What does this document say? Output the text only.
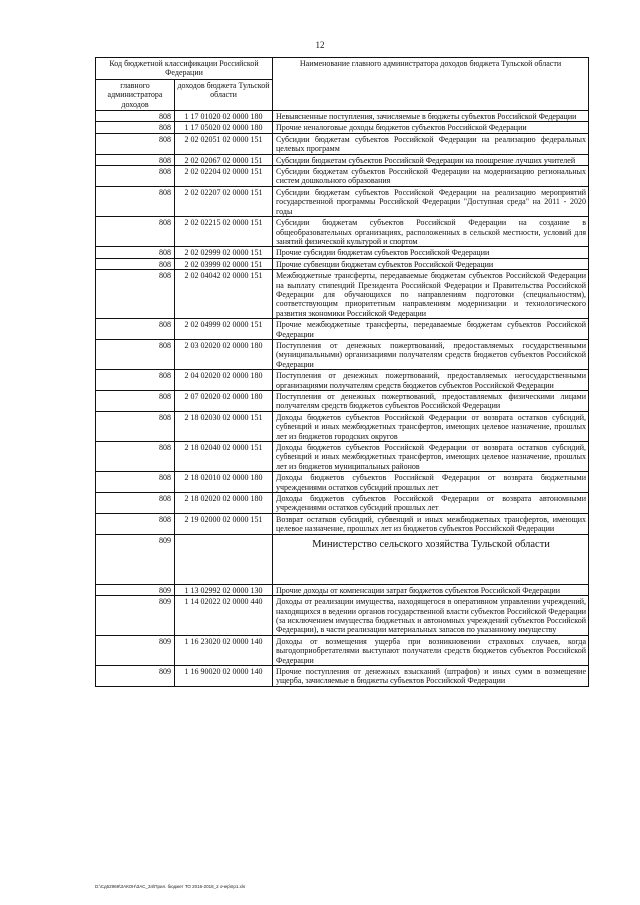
12
Код бюджетной классификации Российской Федерации		Наименование главного администратора доходов бюджета Тульской области
главного администратора доходов	доходов бюджета Тульской области	
808	1 17 01020 02 0000 180	Невыясненные поступления, зачисляемые в бюджеты субъектов Российской Федерации
808	1 17 05020 02 0000 180	Прочие неналоговые доходы бюджетов субъектов Российской Федерации
808	2 02 02051 02 0000 151	Субсидии бюджетам субъектов Российской Федерации на реализацию федеральных целевых программ
808	2 02 02067 02 0000 151	Субсидии бюджетам субъектов Российской Федерации на поощрение лучших учителей
808	2 02 02204 02 0000 151	Субсидии бюджетам субъектов Российской Федерации на модернизацию региональных систем дошкольного образования
808	2 02 02207 02 0000 151	Субсидии бюджетам субъектов Российской Федерации на реализацию мероприятий государственной программы Российской Федерации "Доступная среда" на 2011 - 2020 годы
808	2 02 02215 02 0000 151	Субсидии бюджетам субъектов Российской Федерации на создание в общеобразовательных организациях, расположенных в сельской местности, условий для занятий физической культурой и спортом
808	2 02 02999 02 0000 151	Прочие субсидии бюджетам субъектов Российской Федерации
808	2 02 03999 02 0000 151	Прочие субвенции бюджетам субъектов Российской Федерации
808	2 02 04042 02 0000 151	Межбюджетные трансферты, передаваемые бюджетам субъектов Российской Федерации на выплату стипендий Президента Российской Федерации и Правительства Российской Федерации для обучающихся по направлениям подготовки (специальностям), соответствующим приоритетным направлениям модернизации и технологического развития экономики Российской Федерации
808	2 02 04999 02 0000 151	Прочие межбюджетные трансферты, передаваемые бюджетам субъектов Российской Федерации
808	2 03 02020 02 0000 180	Поступления от денежных пожертвований, предоставляемых государственными (муниципальными) организациями получателям средств бюджетов субъектов Российской Федерации
808	2 04 02020 02 0000 180	Поступления от денежных пожертвований, предоставляемых негосударственными организациями получателям средств бюджетов субъектов Российской Федерации
808	2 07 02020 02 0000 180	Поступления от денежных пожертвований, предоставляемых физическими лицами получателям средств бюджетов субъектов Российской Федерации
808	2 18 02030 02 0000 151	Доходы бюджетов субъектов Российской Федерации от возврата остатков субсидий, субвенций и иных межбюджетных трансфертов, имеющих целевое назначение, прошлых лет из бюджетов городских округов
808	2 18 02040 02 0000 151	Доходы бюджетов субъектов Российской Федерации от возврата остатков субсидий, субвенций и иных межбюджетных трансфертов, имеющих целевое назначение, прошлых лет из бюджетов муниципальных районов
808	2 18 02010 02 0000 180	Доходы бюджетов субъектов Российской Федерации от возврата бюджетными учреждениями остатков субсидий прошлых лет
808	2 18 02020 02 0000 180	Доходы бюджетов субъектов Российской Федерации от возврата автономными учреждениями остатков субсидий прошлых лет
808	2 19 02000 02 0000 151	Возврат остатков субсидий, субвенций и иных межбюджетных трансфертов, имеющих целевое назначение, прошлых лет из бюджетов субъектов Российской Федерации
809		Министерство сельского хозяйства Тульской области
809	1 13 02992 02 0000 130	Прочие доходы от компенсации затрат бюджетов субъектов Российской Федерации
809	1 14 02022 02 0000 440	Доходы от реализации имущества, находящегося в оперативном управлении учреждений, находящихся в ведении органов государственной власти субъектов Российской Федерации (за исключением имущества бюджетных и автономных учреждений субъектов Российской Федерации), в части реализации материальных запасов по указанному имуществу
809	1 16 23020 02 0000 140	Доходы от возмещения ущерба при возникновении страховых случаев, когда выгодоприобретателями выступают получатели средств бюджетов субъектов Российской Федерации
809	1 16 90020 02 0000 140	Прочие поступления от денежных взысканий (штрафов) и иных сумм в возмещение ущерба, зачисляемые в бюджеты субъектов Российской Федерации
D:\Сд62969\ЗАКОН\ЗАС_34\Прил. бюджет ТО 2016-2018_2 очер\пр1.xls
